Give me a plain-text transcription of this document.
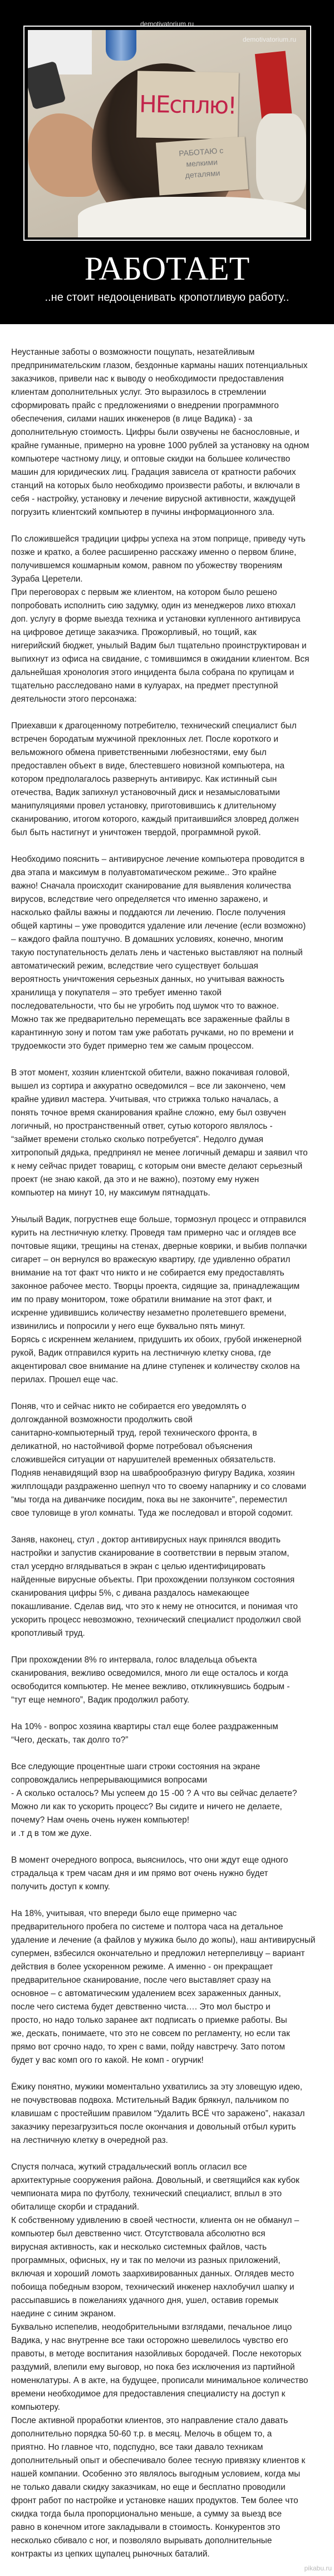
demotivatorium.ru
НЕсплю!
РАБОТАЮ с
мелкими
деталями
demotivatorium.ru
Fishki.net
РАБОТАЕТ
..не стоит недооценивать кропотливую работу..
Неустанные заботы о возможности пощупать, незатейливым
предпринимательским глазом, бездонные карманы наших потенциальных
заказчиков, привели нас к выводу о необходимости предоставления
клиентам дополнительных услуг. Это выразилось в стремлении
сформировать прайс с предложениями о внедрении программного
обеспечения, силами наших инженеров (в лице Вадика) - за
дополнительную стоимость. Цифры были озвучены не баснословные, и
крайне гуманные, примерно на уровне 1000 рублей за установку на одном
компьютере частному лицу, и оптовые скидки на большее количество
машин для юридических лиц. Градация зависела от кратности рабочих
станций на которых было необходимо произвести работы, и включали в
себя - настройку, установку и лечение вирусной активности, жаждущей
погрузить клиентский компьютер в пучины информационного зла.
По сложившейся традиции цифры успеха на этом поприще, приведу чуть
позже и кратко, а более расширенно расскажу именно о первом блине,
получившемся кошмарным комом, равном по убожеству творениям
Зураба Церетели.
При переговорах с первым же клиентом, на котором было решено
попробовать исполнить сию задумку, один из менеджеров лихо втюхал
доп. услугу в форме выезда техника и установки купленного антивируса
на цифровое детище заказчика. Прожорливый, но тощий, как
нигерийский бюджет, унылый Вадим был тщательно проинструктирован и
выпихнут из офиса на свидание, с томившимся в ожидании клиентом. Вся
дальнейшая хронология этого инцидента была собрана по крупицам и
тщательно расследовано нами в кулуарах, на предмет преступной
деятельности этого персонажа:
Приехавши к драгоценному потребителю, технический специалист был
встречен бородатым мужчиной преклонных лет. После короткого и
вельможного обмена приветственными любезностями, ему был
предоставлен объект в виде, блестевшего новизной компьютера, на
котором предполагалось развернуть антивирус. Как истинный сын
отечества, Вадик запихнул установочный диск и незамысловатыми
манипуляциями провел установку, приготовившись к длительному
сканированию, итогом которого, каждый притаившийся зловред должен
был быть настигнут и уничтожен твердой, программной рукой.
Необходимо пояснить – антивирусное лечение компьютера проводится в
два этапа и максимум в полуавтоматическом режиме.. Это крайне
важно! Сначала происходит сканирование для выявления количества
вирусов, вследствие чего определяется что именно заражено, и
насколько файлы важны и поддаются ли лечению. После получения
общей картины – уже проводится удаление или лечение (если возможно)
– каждого файла поштучно. В домашних условиях, конечно, многим
такую поступательность делать лень и частенько выставляют на полный
автоматический режим, вследствие чего существует большая
вероятность уничтожения серьезных данных, но учитывая важность
хранилища у покупателя – это требует именно такой
последовательности, что бы не угробить под шумок что то важное.
Можно так же предварительно перемещать все зараженные файлы в
карантинную зону и потом там уже работать ручками, но по времени и
трудоемкости это будет примерно тем же самым процессом.
В этот момент, хозяин клиентской обители, важно покачивая головой,
вышел из сортира и аккуратно осведомился – все ли закончено, чем
крайне удивил мастера. Учитывая, что стрижка только началась, а
понять точное время сканирования крайне сложно, ему был озвучен
логичный, но пространственный ответ, сутью которого являлось -
“займет времени столько сколько потребуется”. Недолго думая
хитропопый дядька, предпринял не менее логичный демарш и заявил что
к нему сейчас придет товарищ, с которым они вместе делают серьезный
проект (не знаю какой, да это и не важно), поэтому ему нужен
компьютер на минут 10, ну максимум пятнадцать.
Унылый Вадик, погрустнев еще больше, тормознул процесс и отправился
курить на лестничную клетку. Проведя там примерно час и оглядев все
почтовые ящики, трещины на стенах, дверные коврики, и выбив полпачки
сигарет – он вернулся во вражескую квартиру, где удивленно обратил
внимание на тот факт что никто и не собирается ему предоставлять
законное рабочее место. Творцы проекта, сидящие за, принадлежащим
им по праву монитором, тоже обратили внимание на этот факт, и
искренне удивившись количеству незаметно пролетевшего времени,
извинились и попросили у него еще буквально пять минут.
Борясь с искреннем желанием, придушить их обоих, грубой инженерной
рукой, Вадик отправился курить на лестничную клетку снова, где
акцентировал свое внимание на длине ступенек и количеству сколов на
перилах. Прошел еще час.
Поняв, что и сейчас никто не собирается его уведомлять о
долгожданной возможности продолжить свой
санитарно-компьютерный труд, герой технического фронта, в
деликатной, но настойчивой форме потребовал объяснения
сложившейся ситуации от нарушителей временных обязательств.
Подняв ненавидящий взор на шваброобразную фигуру Вадика, хозяин
жилплощади раздраженно шепнул что то своему напарнику и со словами
“мы тогда на диванчике посидим, пока вы не закончите”, переместил
свое туловище в угол комнаты. Туда же последовал и второй содомит.
Заняв, наконец, стул , доктор антивирусных наук принялся вводить
настройки и запустив сканирование в соответствии в первым этапом,
стал усердно вглядываться в экран с целью идентифицировать
найденные вирусные объекты. При прохождении ползунком состояния
сканирования цифры 5%, с дивана раздалось намекающее
покашливание. Сделав вид, что это к нему не относится, и понимая что
ускорить процесс невозможно, технический специалист продолжил свой
кропотливый труд.
При прохождении 8% го интервала, голос владельца объекта
сканирования, вежливо осведомился, много ли еще осталось и когда
освободится компьютер. Не менее вежливо, откликнувшись бодрым -
“тут еще немного”, Вадик продолжил работу.
На 10% - вопрос хозяина квартиры стал еще более раздраженным
“Чего, дескать, так долго то?”
Все следующие процентные шаги строки состояния на экране
сопровождались непрерывающимися вопросами
- А сколько осталось? Мы успеем до 15 -00 ? А что вы сейчас делаете?
Можно ли как то ускорить процесс? Вы сидите и ничего не делаете,
почему? Нам очень очень нужен компьютер!
и .т д в том же духе.
В момент очередного вопроса, выяснилось, что они ждут еще одного
страдальца к трем часам дня и им прямо вот очень нужно будет
получить доступ к компу.
На 18%, учитывая, что впереди было еще примерно час
предварительного пробега по системе и полтора часа на детальное
удаление и лечение (а файлов у мужика было до жопы), наш антивирусный
супермен, взбесился окончательно и предложил нетерпеливцу – вариант
действия в более ускоренном режиме. А именно - он прекращает
предварительное сканирование, после чего выставляет сразу на
основное – с автоматическим удалением всех зараженных данных,
после чего система будет девственно чиста…. Это мол быстро и
просто, но надо только заранее акт подписать о приемке работы. Вы
же, дескать, понимаете, что это не совсем по регламенту, но если так
прямо вот срочно надо, то хрен с вами, пойду навстречу. Зато потом
будет у вас комп ого го какой. Не комп - огурчик!
Ёжику понятно, мужики моментально ухватились за эту зловещую идею,
не почувствовав подвоха. Мстительный Вадик брякнул, пальчиком по
клавишам с простейшим правилом “Удалить ВСЁ что заражено”, наказал
заказчику перезагрузиться после окончания и довольный отбыл курить
на лестничную клетку в очередной раз.
Спустя полчаса, жуткий страдальческий вопль огласил все
архитектурные сооружения района. Довольный, и светящийся как кубок
чемпионата мира по футболу, технический специалист, вплыл в это
обиталище скорби и страданий.
К собственному удивлению в своей честности, клиента он не обманул –
компьютер был девственно чист. Отсутствовала абсолютно вся
вирусная активность, как и несколько системных файлов, часть
программных, офисных, ну и так по мелочи из разных приложений,
включая и хороший ломоть заархивированных данных. Оглядев место
побоища победным взором, технический инженер нахлобучил шапку и
рассыпавшись в пожеланиях удачного дня, ушел, оставив горемык
наедине с синим экраном.
Буквально испепелив, неодобрительными взглядами, печальное лицо
Вадика, у нас внутренне все таки осторожно шевелилось чувство его
правоты, в методе воспитания назойливых бородачей. После некоторых
раздумий, влепили ему выговор, но пока без исключения из партийной
номенклатуры. А в акте, на будущее, прописали минимальное количество
времени необходимое для предоставления специалисту на доступ к
компьютеру.
После активной проработки клиентов, это направление стало давать
дополнительно порядка 50-60 т.р. в месяц. Мелочь в общем то, а
приятно. Но главное что, подспудно, все таки давало техникам
дополнительный опыт и обеспечивало более тесную привязку клиентов к
нашей компании. Особенно это являлось выгодным условием, когда мы
не только давали скидку заказчикам, но еще и бесплатно проводили
фронт работ по настройке и установке наших продуктов. Тем более что
скидка тогда была пропорционально меньше, а сумму за выезд все
равно в конечном итоге закладывали в стоимость. Конкурентов это
несколько сбивало с ног, и позволяло вырывать дополнительные
контракты из цепких щупалец рыночных баталий.
pikabu.ru
